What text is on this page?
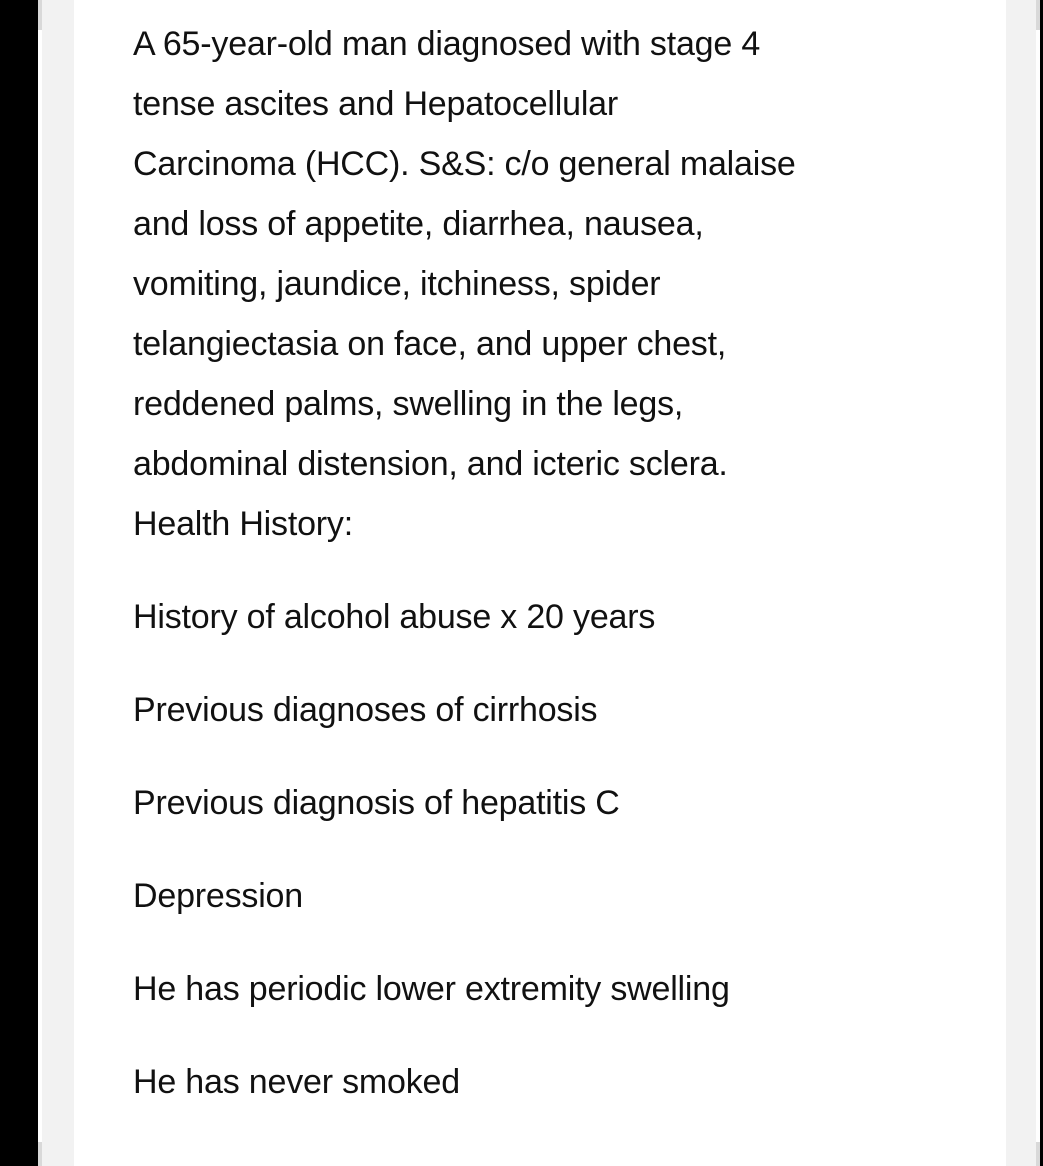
A 65-year-old man diagnosed with stage 4
tense ascites and Hepatocellular
Carcinoma (HCC). S&S: c/o general malaise
and loss of appetite, diarrhea, nausea,
vomiting, jaundice, itchiness, spider
telangiectasia on face, and upper chest,
reddened palms, swelling in the legs,
abdominal distension, and icteric sclera.

Health History:

History of alcohol abuse x 20 years
Previous diagnoses of cirrhosis
Previous diagnosis of hepatitis C
Depression
He has periodic lower extremity swelling
He has never smoked
